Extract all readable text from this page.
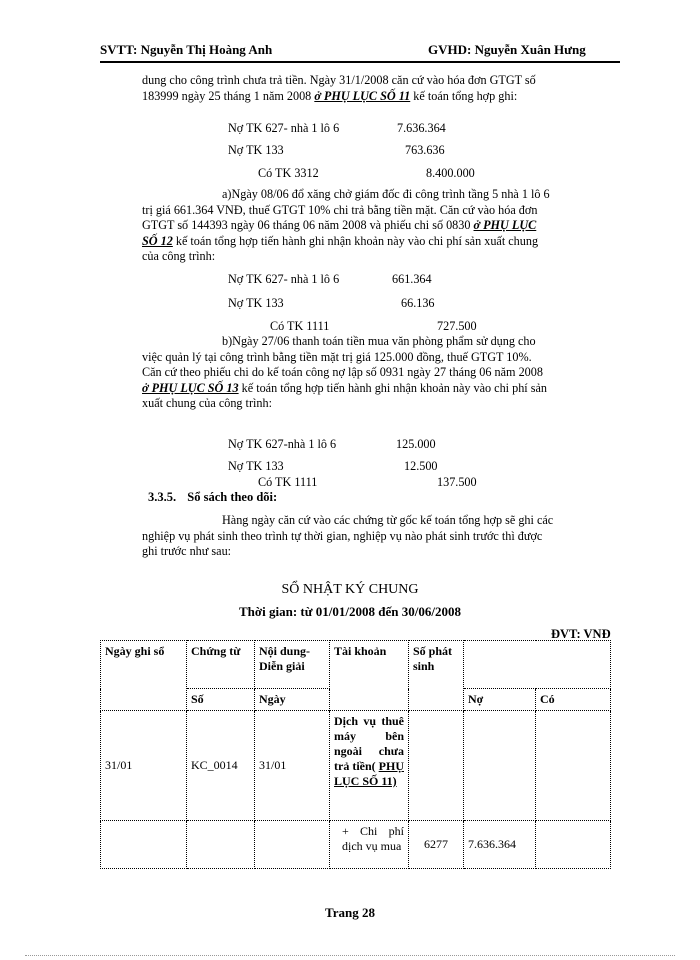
SVTT: Nguyễn Thị Hoàng Anh	GVHD: Nguyễn Xuân Hưng
dung cho công trình chưa trả tiền. Ngày 31/1/2008 căn cứ vào hóa đơn GTGT số
183999 ngày 25 tháng 1 năm 2008 ở PHỤ LỤC SỐ 11 kế toán tổng hợp ghi:
Nợ TK 627- nhà 1 lô 6	7.636.364
Nợ TK 133	763.636
Có TK 3312	8.400.000
a)Ngày 08/06 đổ xăng chở giám đốc đi công trình tầng 5 nhà 1 lô 6
trị giá 661.364 VNĐ, thuế GTGT 10% chi trả bằng tiền mặt. Căn cứ vào hóa đơn
GTGT số 144393 ngày 06 tháng 06 năm 2008 và phiếu chi số 0830 ở PHỤ LỤC
SỐ 12 kế toán tổng hợp tiến hành ghi nhận khoản này vào chi phí sản xuất chung
của công trình:
Nợ TK 627- nhà 1 lô 6	661.364
Nợ TK 133	66.136
Có TK 1111	727.500
b)Ngày 27/06 thanh toán tiền mua văn phòng phẩm sử dụng cho
việc quản lý tại công trình bằng tiền mặt trị giá 125.000 đồng, thuế GTGT 10%.
Căn cứ theo phiếu chi do kế toán công nợ lập số 0931 ngày 27 tháng 06 năm 2008
ở PHỤ LỤC SỐ 13 kế toán tổng hợp tiến hành ghi nhận khoản này vào chi phí sản
xuất chung của công trình:
Nợ TK 627-nhà 1 lô 6	125.000
Nợ TK 133	12.500
Có TK 1111	137.500
3.3.5. Sổ sách theo dõi:
Hàng ngày căn cứ vào các chứng từ gốc kế toán tổng hợp sẽ ghi các
nghiệp vụ phát sinh theo trình tự thời gian, nghiệp vụ nào phát sinh trước thì được
ghi trước như sau:
SỔ NHẬT KÝ CHUNG
Thời gian: từ 01/01/2008 đến 30/06/2008
ĐVT: VNĐ
Ngày ghi sổ	Chứng từ	Nội dung- Diễn giải	Tài khoản	Số phát sinh		
	Số	Ngày			Nợ	Có
31/01	KC_0014	31/01	Dịch vụ thuê máy bên ngoài chưa trả tiền( PHỤ LỤC SỐ 11)			
			+ Chi phí dịch vụ mua	6277	7.636.364	
Trang 28
